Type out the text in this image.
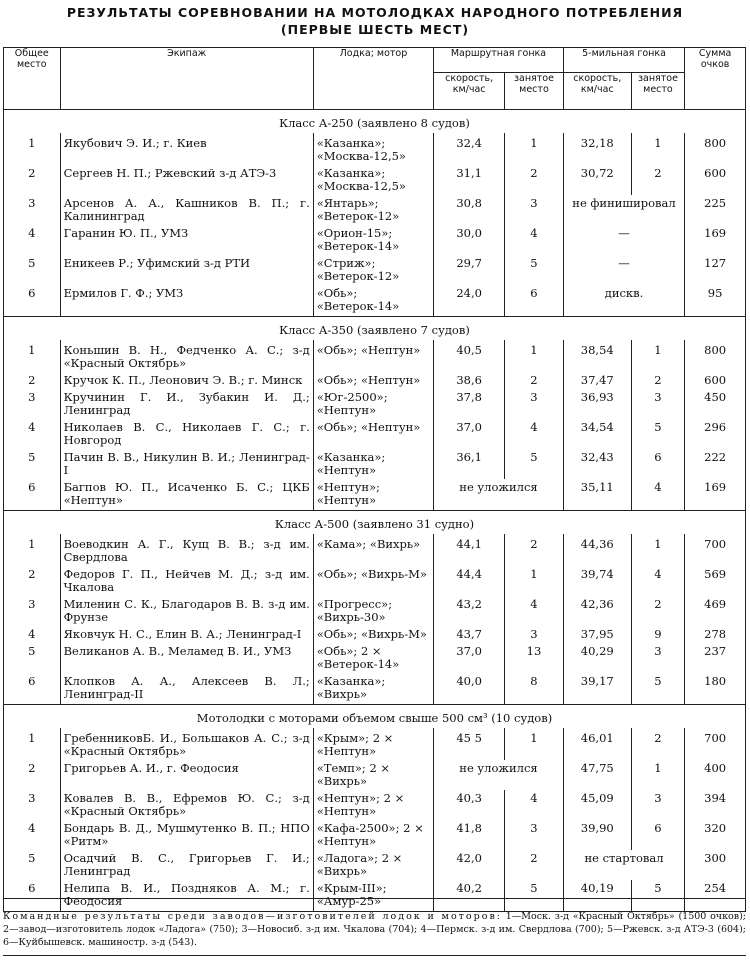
РЕЗУЛЬТАТЫ СОРЕВНОВАНИИ НА МОТОЛОДКАХ НАРОДНОГО ПОТРЕБЛЕНИЯ
(ПЕРВЫЕ ШЕСТЬ МЕСТ)
Общее место	Экипаж	Лодка; мотор	Маршрутная гонка		5-мильная гонка		Сумма очков
			скорость, км/час	занятое место	скорость, км/час	занятое место	
Класс А-250 (заявлено 8 судов)							
1	Якубович Э. И.; г. Киев	«Казанка»; «Москва-12,5»	32,4	1	32,18	1	800
2	Сергеев Н. П.; Ржевский з-д АТЭ-3	«Казанка»; «Москва-12,5»	31,1	2	30,72	2	600
3	Арсенов А. А., Кашников В. П.; г. Калининград	«Янтарь»; «Ветерок-12»	30,8	3	не финишировал		225
4	Гаранин Ю. П., УМЗ	«Орион-15»; «Ветерок-14»	30,0	4	—		169
5	Еникеев Р.; Уфимский з-д РТИ	«Стриж»; «Ветерок-12»	29,7	5	—		127
6	Ермилов Г. Ф.; УМЗ	«Обь»; «Ветерок-14»	24,0	6	дискв.		95
Класс А-350 (заявлено 7 судов)							
1	Коньшин В. Н., Федченко А. С.; з-д «Красный Октябрь»	«Обь»; «Нептун»	40,5	1	38,54	1	800
2	Кручок К. П., Леонович Э. В.; г. Минск	«Обь»; «Нептун»	38,6	2	37,47	2	600
3	Кручинин Г. И., Зубакин И. Д.; Ленинград	«Юг-2500»; «Нептун»	37,8	3	36,93	3	450
4	Николаев В. С., Николаев Г. С.; г. Новгород	«Обь»; «Нептун»	37,0	4	34,54	5	296
5	Пачин В. В., Никулин В. И.; Ленинград-I	«Казанка»; «Нептун»	36,1	5	32,43	6	222
6	Багпов Ю. П., Исаченко Б. С.; ЦКБ «Нептун»	«Нептун»; «Нептун»	не уложился		35,11	4	169
Класс А-500 (заявлено 31 судно)							
1	Воеводкин А. Г., Кущ В. В.; з-д им. Свердлова	«Кама»; «Вихрь»	44,1	2	44,36	1	700
2	Федоров Г. П., Нейчев М. Д.; з-д им. Чкалова	«Обь»; «Вихрь-М»	44,4	1	39,74	4	569
3	Миленин С. К., Благодаров В. В. з-д им. Фрунзе	«Прогресс»; «Вихрь-30»	43,2	4	42,36	2	469
4	Яковчук Н. С., Елин В. А.; Ленинград-I	«Обь»; «Вихрь-М»	43,7	3	37,95	9	278
5	Великанов А. В., Меламед В. И., УМЗ	«Обь»; 2 × «Ветерок-14»	37,0	13	40,29	3	237
6	Клопков А. А., Алексеев В. Л.; Ленинград-II	«Казанка»; «Вихрь»	40,0	8	39,17	5	180
Мотолодки с моторами объемом свыше 500 см³ (10 судов)							
1	ГребенниковБ. И., Большаков А. С.; з-д «Красный Октябрь»	«Крым»; 2 × «Нептун»	45 5	1	46,01	2	700
2	Григорьев А. И., г. Феодосия	«Темп»; 2 × «Вихрь»	не уложился		47,75	1	400
3	Ковалев В. В., Ефремов Ю. С.; з-д «Красный Октябрь»	«Нептун»; 2 × «Нептун»	40,3	4	45,09	3	394
4	Бондарь В. Д., Мушмутенко В. П.; НПО «Ритм»	«Кафа-2500»; 2 × «Нептун»	41,8	3	39,90	6	320
5	Осадчий В. С., Григорьев Г. И.; Ленинград	«Ладога»; 2 × «Вихрь»	42,0	2	не стартовал		300
6	Нелипа В. И., Поздняков А. М.; г. Феодосия	«Крым-III»; «Амур-25»	40,2	5	40,19	5	254
Командные результаты среди заводов—изготовителей лодок и моторов: 1—Моск. з-д «Красный Октябрь» (1500 очков); 2—завод—изготовитель лодок «Ладога» (750); 3—Новосиб. з-д им. Чкалова (704); 4—Пермск. з-д им. Свердлова (700); 5—Ржевск. з-д АТЭ-3 (604); 6—Куйбышевск. машиностр. з-д (543).
